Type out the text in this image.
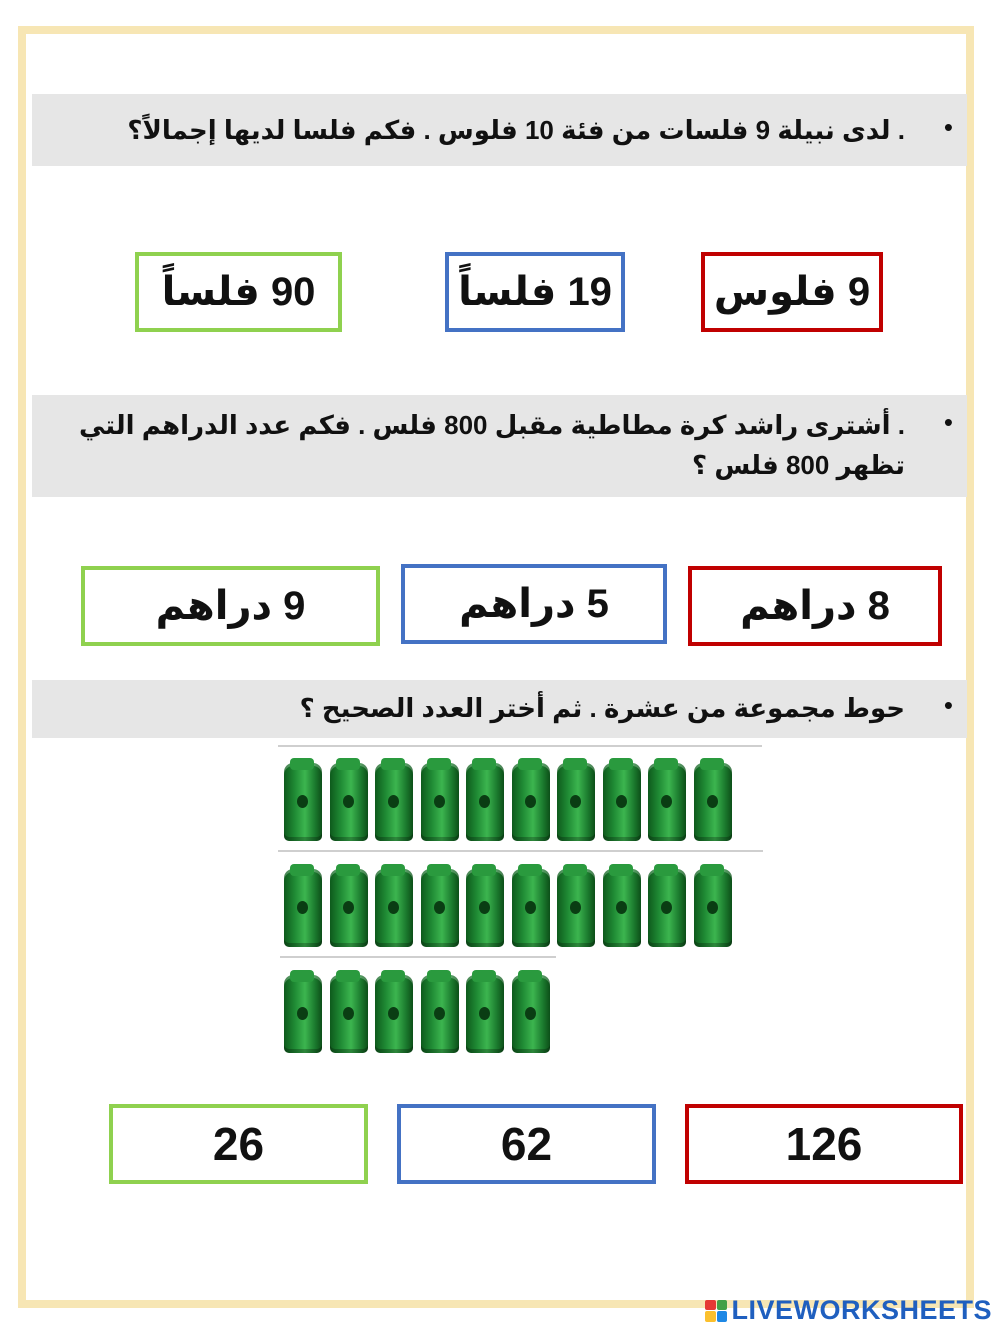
•
. لدى نبيلة 9 فلسات من فئة 10 فلوس . فكم فلسا لديها إجمالاً؟
9 فلوس
19 فلساً
90 فلساً
•
. أشترى راشد كرة مطاطية مقبل 800 فلس . فكم عدد الدراهم التي
تظهر 800 فلس ؟
8 دراهم
5 دراهم
9 دراهم
•
حوط مجموعة من عشرة . ثم أختر العدد الصحيح ؟
126
62
26
LIVEWORKSHEETS
